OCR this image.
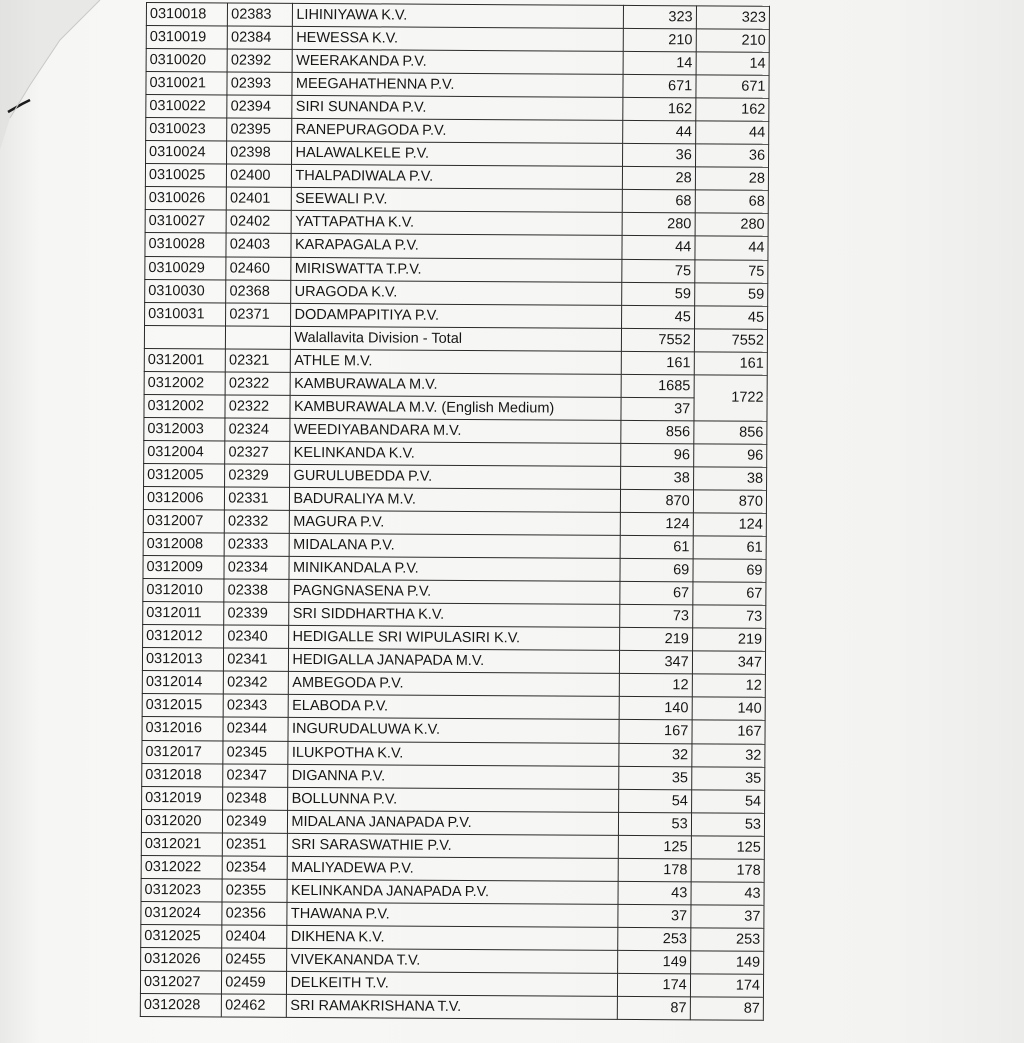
0310018	02383	LIHINIYAWA K.V.	323	323
0310019	02384	HEWESSA K.V.	210	210
0310020	02392	WEERAKANDA P.V.	14	14
0310021	02393	MEEGAHATHENNA P.V.	671	671
0310022	02394	SIRI SUNANDA P.V.	162	162
0310023	02395	RANEPURAGODA P.V.	44	44
0310024	02398	HALAWALKELE P.V.	36	36
0310025	02400	THALPADIWALA P.V.	28	28
0310026	02401	SEEWALI P.V.	68	68
0310027	02402	YATTAPATHA K.V.	280	280
0310028	02403	KARAPAGALA P.V.	44	44
0310029	02460	MIRISWATTA T.P.V.	75	75
0310030	02368	URAGODA K.V.	59	59
0310031	02371	DODAMPAPITIYA P.V.	45	45
		Walallavita Division - Total	7552	7552
0312001	02321	ATHLE M.V.	161	161
0312002	02322	KAMBURAWALA M.V.	1685	1722
0312002	02322	KAMBURAWALA M.V. (English Medium)	37	
0312003	02324	WEEDIYABANDARA M.V.	856	856
0312004	02327	KELINKANDA K.V.	96	96
0312005	02329	GURULUBEDDA P.V.	38	38
0312006	02331	BADURALIYA M.V.	870	870
0312007	02332	MAGURA P.V.	124	124
0312008	02333	MIDALANA P.V.	61	61
0312009	02334	MINIKANDALA P.V.	69	69
0312010	02338	PAGNGNASENA P.V.	67	67
0312011	02339	SRI SIDDHARTHA K.V.	73	73
0312012	02340	HEDIGALLE SRI WIPULASIRI K.V.	219	219
0312013	02341	HEDIGALLA JANAPADA M.V.	347	347
0312014	02342	AMBEGODA P.V.	12	12
0312015	02343	ELABODA P.V.	140	140
0312016	02344	INGURUDALUWA K.V.	167	167
0312017	02345	ILUKPOTHA K.V.	32	32
0312018	02347	DIGANNA P.V.	35	35
0312019	02348	BOLLUNNA P.V.	54	54
0312020	02349	MIDALANA JANAPADA P.V.	53	53
0312021	02351	SRI SARASWATHIE P.V.	125	125
0312022	02354	MALIYADEWA P.V.	178	178
0312023	02355	KELINKANDA JANAPADA P.V.	43	43
0312024	02356	THAWANA P.V.	37	37
0312025	02404	DIKHENA K.V.	253	253
0312026	02455	VIVEKANANDA T.V.	149	149
0312027	02459	DELKEITH T.V.	174	174
0312028	02462	SRI RAMAKRISHANA T.V.	87	87
